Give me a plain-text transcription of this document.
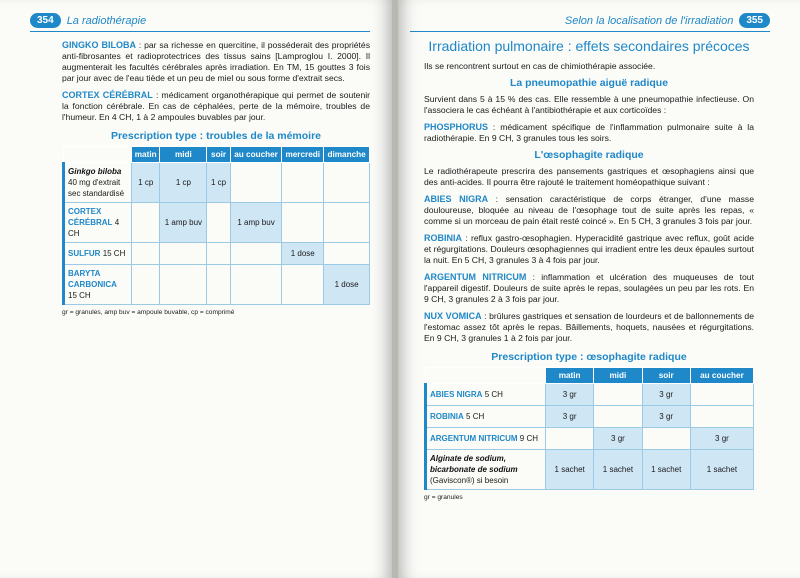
354	La radiothérapie

GINGKO BILOBA : par sa richesse en quercitine, il posséderait des propriétés anti-fibrosantes et radioprotectrices des tissus sains [Lamproglou I. 2000]. Il augmenterait les facultés cérébrales après irradiation. En TM, 15 gouttes 3 fois par jour avec de l'eau tiède et un peu de miel ou sous forme d'extrait secs.

CORTEX CÉRÉBRAL : médicament organothérapique qui permet de soutenir la fonction cérébrale. En cas de céphalées, perte de la mémoire, troubles de l'humeur. En 4 CH, 1 à 2 ampoules buvables par jour.

Prescription type : troubles de la mémoire
	matin	midi	soir	au coucher	mercredi	dimanche
Ginkgo biloba 40 mg d'extrait sec standardisé	1 cp	1 cp	1 cp			
CORTEX CÉRÉBRAL 4 CH		1 amp buv		1 amp buv		
SULFUR 15 CH					1 dose	
BARYTA CARBONICA 15 CH						1 dose
gr = granules, amp buv = ampoule buvable, cp = comprimé
Selon la localisation de l'irradiation	355
Irradiation pulmonaire : effets secondaires précoces

Ils se rencontrent surtout en cas de chimiothérapie associée.

La pneumopathie aiguë radique

Survient dans 5 à 15 % des cas. Elle ressemble à une pneumopathie infectieuse. On l'associera le cas échéant à l'antibiothérapie et aux corticoïdes :

PHOSPHORUS : médicament spécifique de l'inflammation pulmonaire suite à la radiothérapie. En 9 CH, 3 granules tous les soirs.

L'œsophagite radique

Le radiothérapeute prescrira des pansements gastriques et œsophagiens ainsi que des anti-acides. Il pourra être rajouté le traitement homéopathique suivant :

ABIES NIGRA : sensation caractéristique de corps étranger, d'une masse douloureuse, bloquée au niveau de l'œsophage tout de suite après les repas, « comme si un morceau de pain était resté coincé ». En 5 CH, 3 granules 3 fois par jour.

ROBINIA : reflux gastro-œsophagien. Hyperacidité gastrique avec reflux, goût acide et régurgitations. Douleurs œsophagiennes qui irradient entre les deux épaules surtout la nuit. En 5 CH, 3 granules 3 à 4 fois par jour.

ARGENTUM NITRICUM : inflammation et ulcération des muqueuses de tout l'appareil digestif. Douleurs de suite après le repas, soulagées un peu par les rots. En 9 CH, 3 granules 2 à 3 fois par jour.

NUX VOMICA : brûlures gastriques et sensation de lourdeurs et de ballonnements de l'estomac assez tôt après le repas. Bâillements, hoquets, nausées et régurgitations. En 9 CH, 3 granules 1 à 2 fois par jour.

Prescription type : œsophagite radique
	matin	midi	soir	au coucher
ABIES NIGRA 5 CH	3 gr		3 gr	
ROBINIA 5 CH	3 gr		3 gr	
ARGENTUM NITRICUM 9 CH		3 gr		3 gr
Alginate de sodium, bicarbonate de sodium (Gaviscon®) si besoin	1 sachet	1 sachet	1 sachet	1 sachet
gr = granules
